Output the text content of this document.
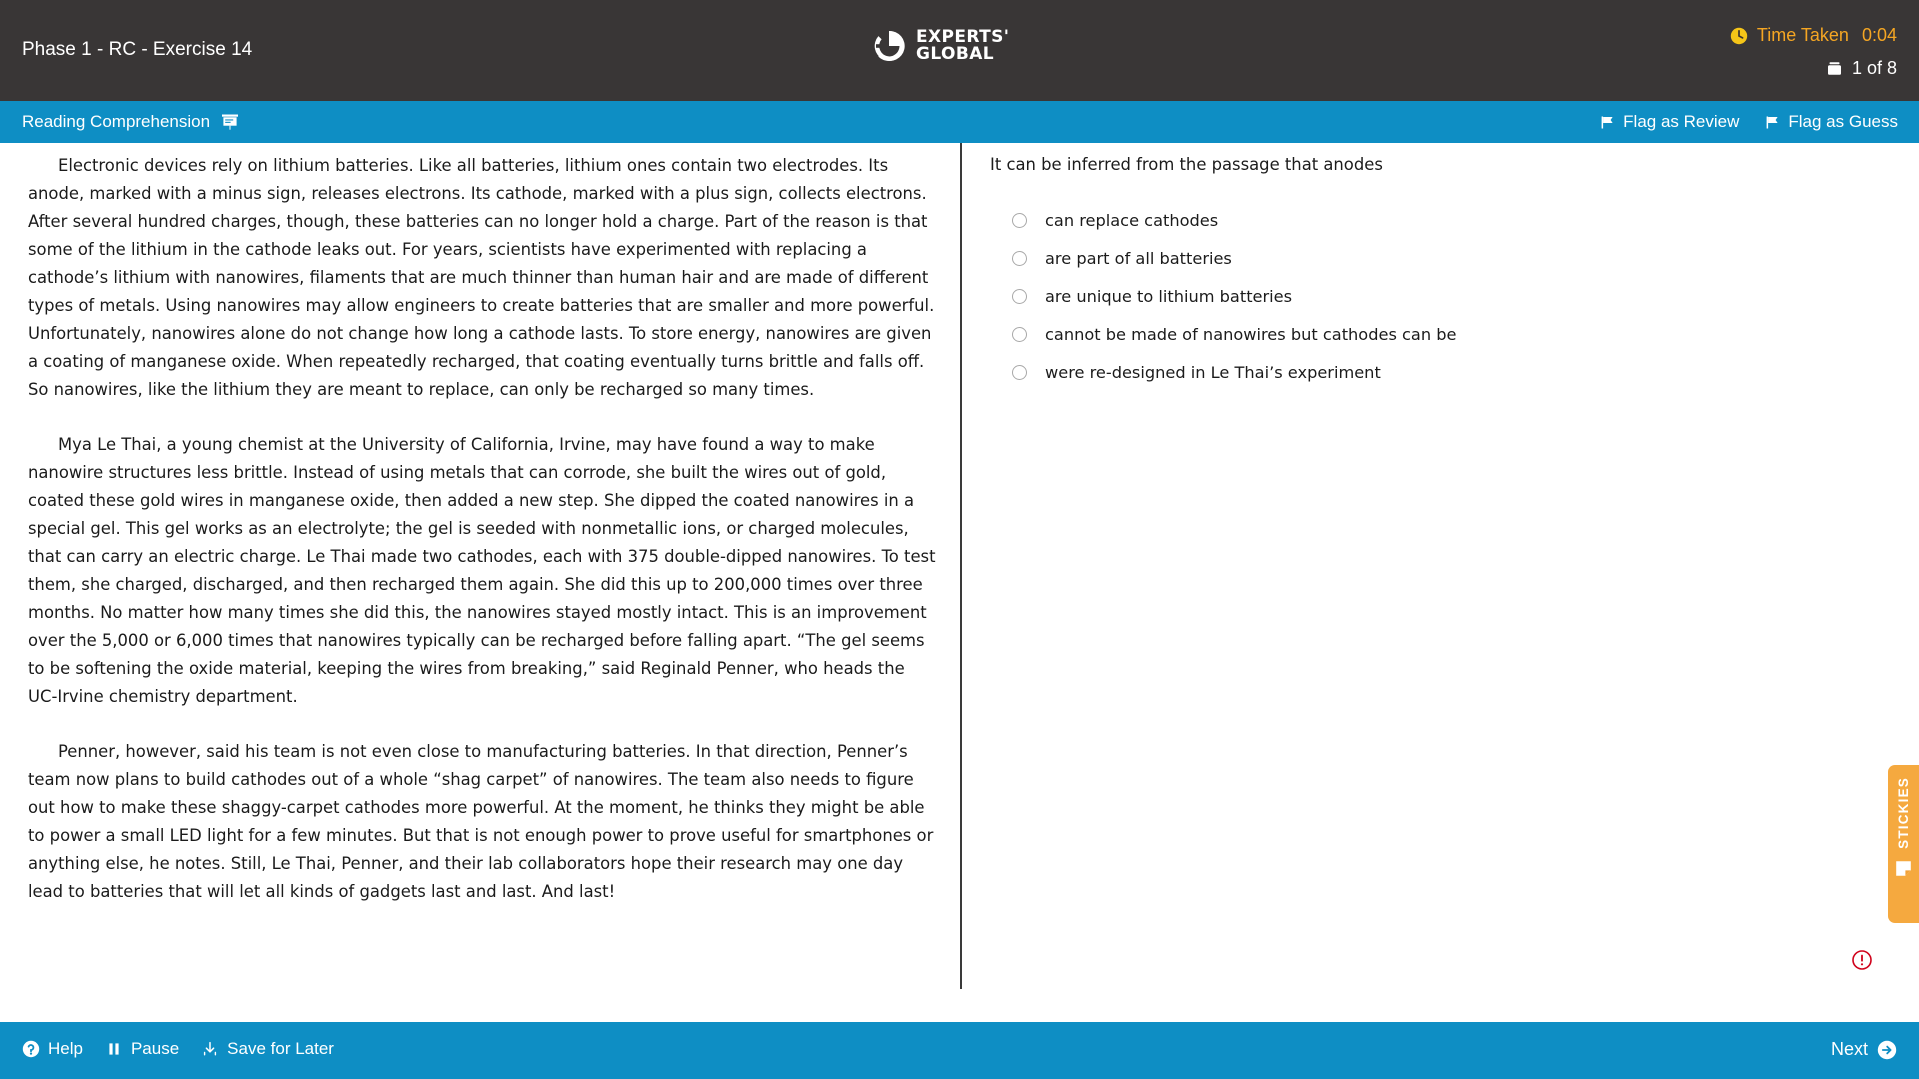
Phase 1 - RC - Exercise 14
EXPERTS'
GLOBAL
Time Taken 0:04
1 of 8
Reading Comprehension	Flag as Review	Flag as Guess

Electronic devices rely on lithium batteries. Like all batteries, lithium ones contain two electrodes. Its anode, marked with a minus sign, releases electrons. Its cathode, marked with a plus sign, collects electrons. After several hundred charges, though, these batteries can no longer hold a charge. Part of the reason is that some of the lithium in the cathode leaks out. For years, scientists have experimented with replacing a cathode’s lithium with nanowires, filaments that are much thinner than human hair and are made of different types of metals. Using nanowires may allow engineers to create batteries that are smaller and more powerful. Unfortunately, nanowires alone do not change how long a cathode lasts. To store energy, nanowires are given a coating of manganese oxide. When repeatedly recharged, that coating eventually turns brittle and falls off. So nanowires, like the lithium they are meant to replace, can only be recharged so many times.

Mya Le Thai, a young chemist at the University of California, Irvine, may have found a way to make nanowire structures less brittle. Instead of using metals that can corrode, she built the wires out of gold, coated these gold wires in manganese oxide, then added a new step. She dipped the coated nanowires in a special gel. This gel works as an electrolyte; the gel is seeded with nonmetallic ions, or charged molecules, that can carry an electric charge. Le Thai made two cathodes, each with 375 double-dipped nanowires. To test them, she charged, discharged, and then recharged them again. She did this up to 200,000 times over three months. No matter how many times she did this, the nanowires stayed mostly intact. This is an improvement over the 5,000 or 6,000 times that nanowires typically can be recharged before falling apart. “The gel seems to be softening the oxide material, keeping the wires from breaking,” said Reginald Penner, who heads the UC-Irvine chemistry department.

Penner, however, said his team is not even close to manufacturing batteries. In that direction, Penner’s team now plans to build cathodes out of a whole “shag carpet” of nanowires. The team also needs to figure out how to make these shaggy-carpet cathodes more powerful. At the moment, he thinks they might be able to power a small LED light for a few minutes. But that is not enough power to prove useful for smartphones or anything else, he notes. Still, Le Thai, Penner, and their lab collaborators hope their research may one day lead to batteries that will let all kinds of gadgets last and last. And last!

It can be inferred from the passage that anodes
can replace cathodes
are part of all batteries
are unique to lithium batteries
cannot be made of nanowires but cathodes can be
were re-designed in Le Thai’s experiment
STICKIES
Help	Pause	Save for Later	Next
